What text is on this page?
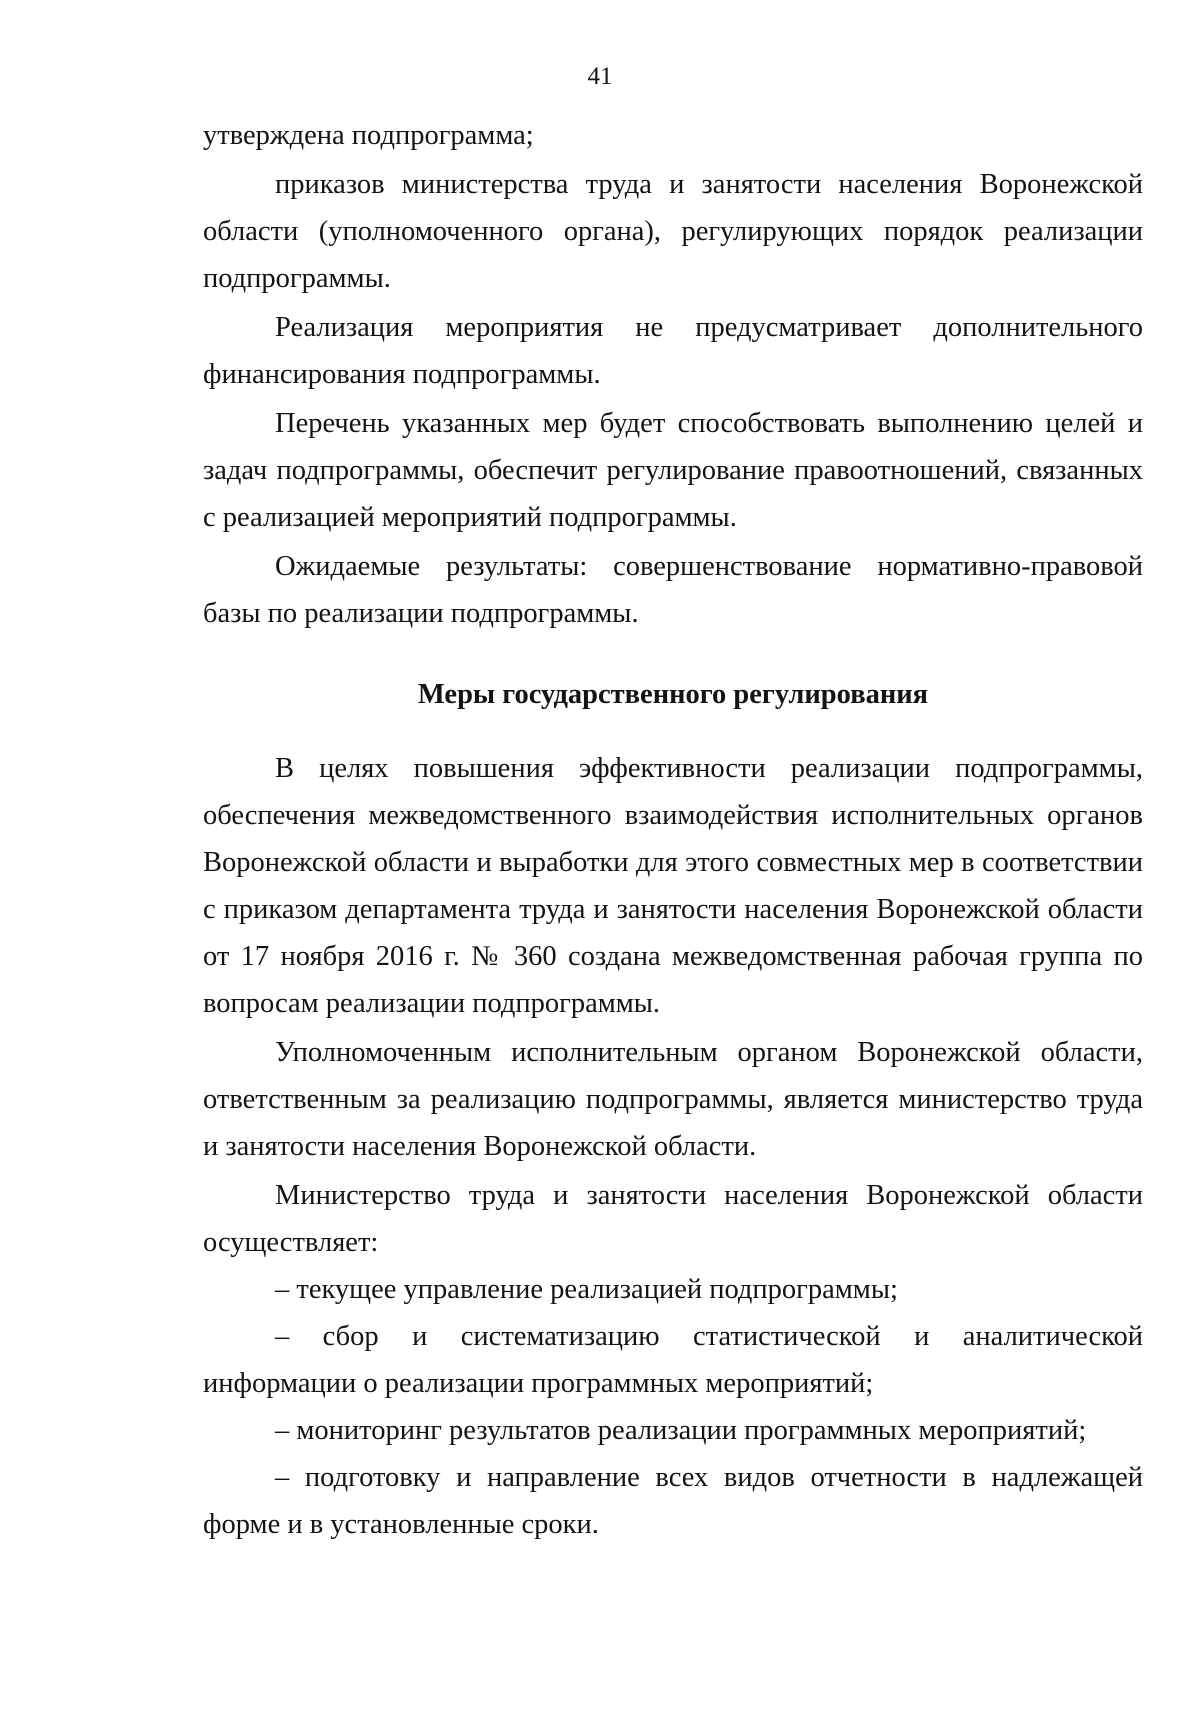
41

утверждена подпрограмма;

приказов министерства труда и занятости населения Воронежской области (уполномоченного органа), регулирующих порядок реализации подпрограммы.

Реализация мероприятия не предусматривает дополнительного финансирования подпрограммы.

Перечень указанных мер будет способствовать выполнению целей и задач подпрограммы, обеспечит регулирование правоотношений, связанных с реализацией мероприятий подпрограммы.

Ожидаемые результаты: совершенствование нормативно-правовой базы по реализации подпрограммы.

Меры государственного регулирования

В целях повышения эффективности реализации подпрограммы, обеспечения межведомственного взаимодействия исполнительных органов Воронежской области и выработки для этого совместных мер в соответствии с приказом департамента труда и занятости населения Воронежской области от 17 ноября 2016 г. № 360 создана межведомственная рабочая группа по вопросам реализации подпрограммы.

Уполномоченным исполнительным органом Воронежской области, ответственным за реализацию подпрограммы, является министерство труда и занятости населения Воронежской области.

Министерство труда и занятости населения Воронежской области осуществляет:

– текущее управление реализацией подпрограммы;

– сбор и систематизацию статистической и аналитической информации о реализации программных мероприятий;

– мониторинг результатов реализации программных мероприятий;

– подготовку и направление всех видов отчетности в надлежащей форме и в установленные сроки.
